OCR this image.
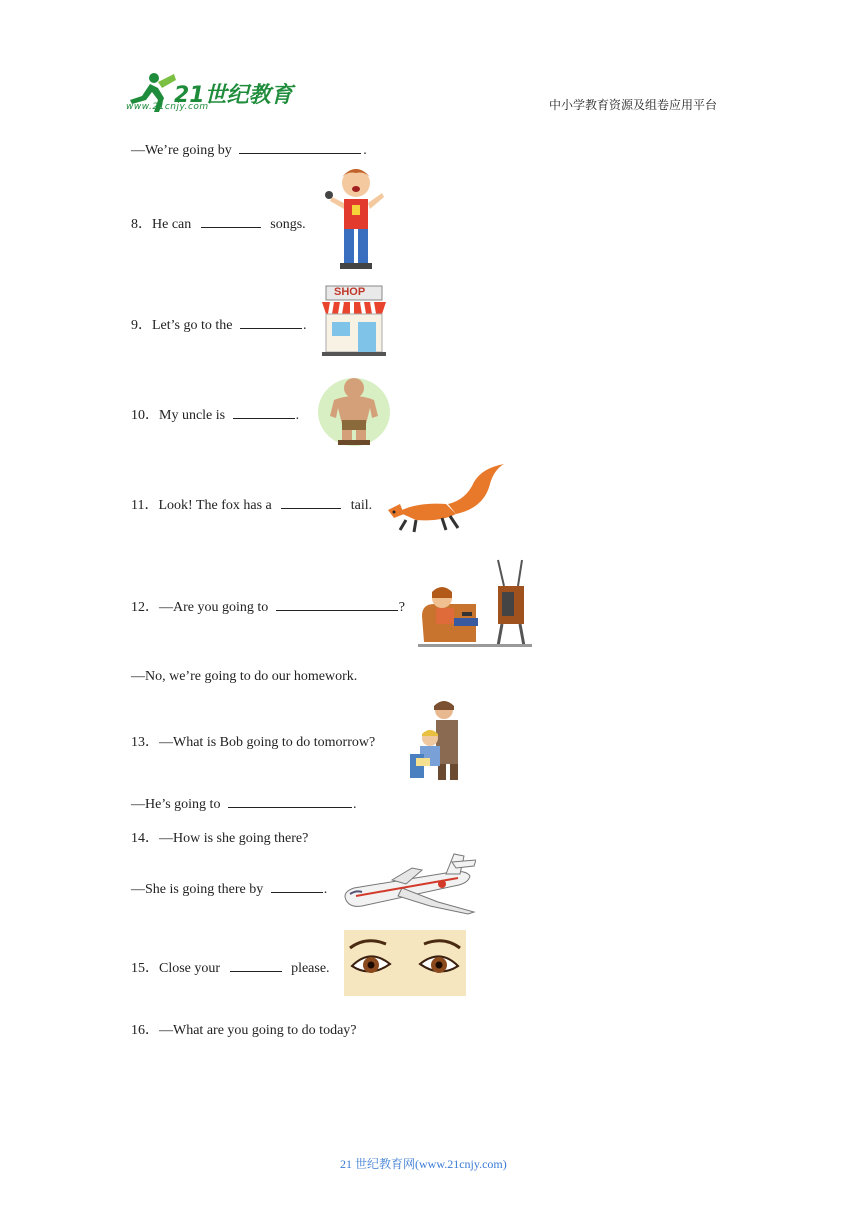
21世纪教育
www.21cnjy.com	中小学教育资源及组卷应用平台
—We’re going by	.
8．He can	songs.
9．Let’s go to the	.
SHOP
10．My uncle is	.
11．Look! The fox has a	tail.
12．—Are you going to	?
—No, we’re going to do our homework.
13．—What is Bob going to do tomorrow?
—He’s going to	.
14．—How is she going there?
—She is going there by	.
15．Close your	please.
16．—What are you going to do today?
21 世纪教育网(www.21cnjy.com)
